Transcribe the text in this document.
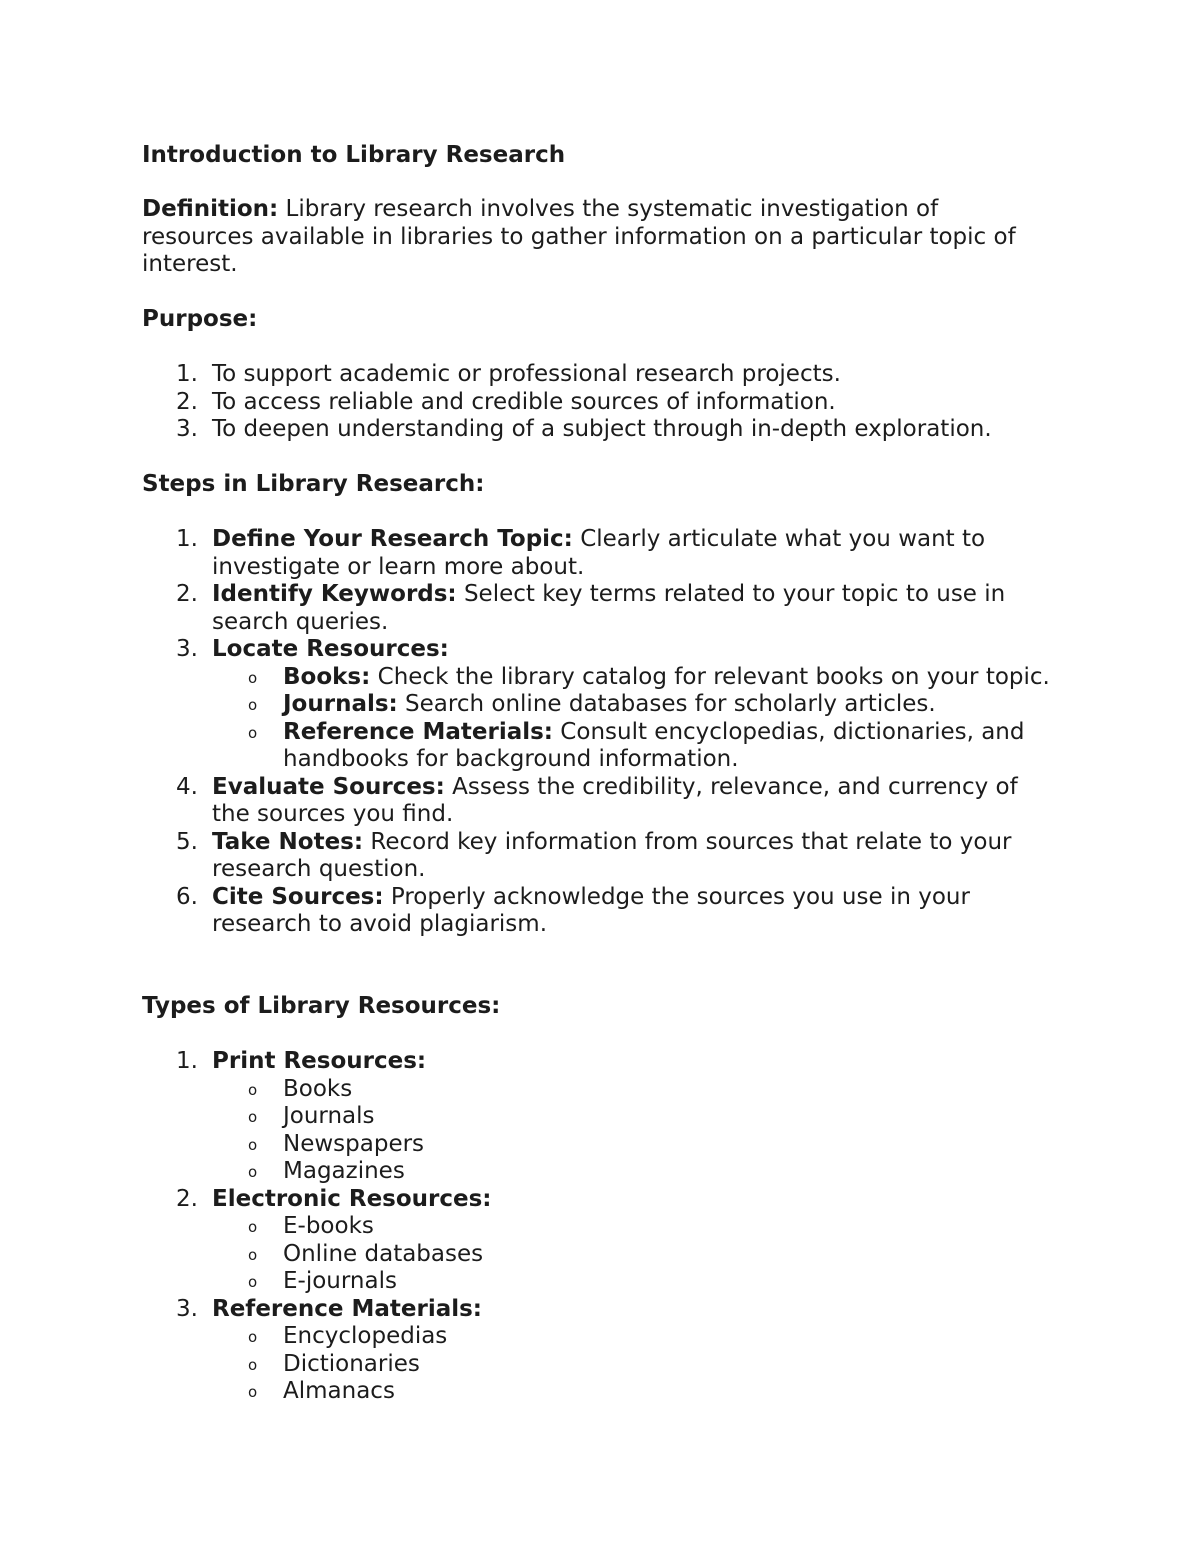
Introduction to Library Research

Definition: Library research involves the systematic investigation of resources available in libraries to gather information on a particular topic of interest.

Purpose:

1. To support academic or professional research projects.
2. To access reliable and credible sources of information.
3. To deepen understanding of a subject through in-depth exploration.

Steps in Library Research:

1. Define Your Research Topic: Clearly articulate what you want to investigate or learn more about.
2. Identify Keywords: Select key terms related to your topic to use in search queries.
3. Locate Resources:
o Books: Check the library catalog for relevant books on your topic.
o Journals: Search online databases for scholarly articles.
o Reference Materials: Consult encyclopedias, dictionaries, and handbooks for background information.
4. Evaluate Sources: Assess the credibility, relevance, and currency of the sources you find.
5. Take Notes: Record key information from sources that relate to your research question.
6. Cite Sources: Properly acknowledge the sources you use in your research to avoid plagiarism.

Types of Library Resources:

1. Print Resources:
o Books
o Journals
o Newspapers
o Magazines
2. Electronic Resources:
o E-books
o Online databases
o E-journals
3. Reference Materials:
o Encyclopedias
o Dictionaries
o Almanacs
